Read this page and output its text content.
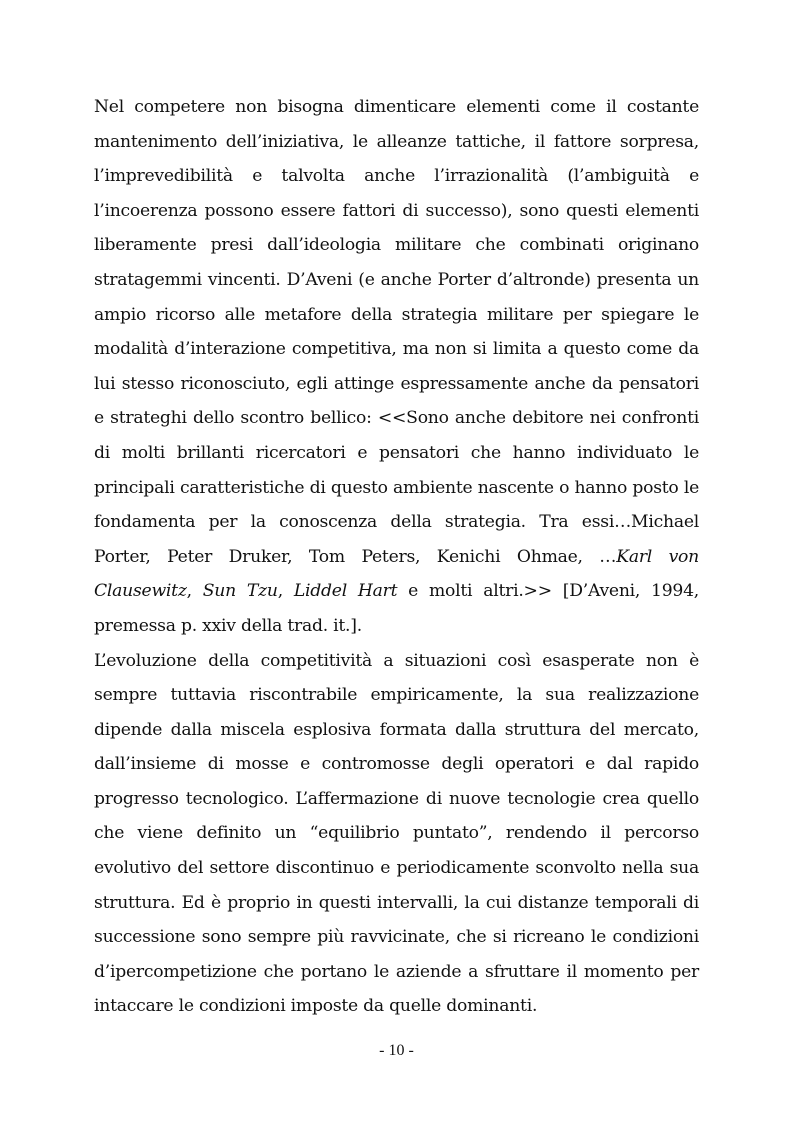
Nel competere non bisogna dimenticare elementi come il costante mantenimento dell’iniziativa, le alleanze tattiche, il fattore sorpresa, l’imprevedibilità e talvolta anche l’irrazionalità (l’ambiguità e l’incoerenza possono essere fattori di successo), sono questi elementi liberamente presi dall’ideologia militare che combinati originano stratagemmi vincenti. D’Aveni (e anche Porter d’altronde) presenta un ampio ricorso alle metafore della strategia militare per spiegare le modalità d’interazione competitiva, ma non si limita a questo come da lui stesso riconosciuto, egli attinge espressamente anche da pensatori e strateghi dello scontro bellico: <<Sono anche debitore nei confronti di molti brillanti ricercatori e pensatori che hanno individuato le principali caratteristiche di questo ambiente nascente o hanno posto le fondamenta per la conoscenza della strategia. Tra essi…Michael Porter, Peter Druker, Tom Peters, Kenichi Ohmae, …Karl von Clausewitz, Sun Tzu, Liddel Hart e molti altri.>> [D’Aveni, 1994, premessa p. xxiv della trad. it.].

L’evoluzione della competitività a situazioni così esasperate non è sempre tuttavia riscontrabile empiricamente, la sua realizzazione dipende dalla miscela esplosiva formata dalla struttura del mercato, dall’insieme di mosse e contromosse degli operatori e dal rapido progresso tecnologico. L’affermazione di nuove tecnologie crea quello che viene definito un “equilibrio puntato”, rendendo il percorso evolutivo del settore discontinuo e periodicamente sconvolto nella sua struttura. Ed è proprio in questi intervalli, la cui distanze temporali di successione sono sempre più ravvicinate, che si ricreano le condizioni d’ipercompetizione che portano le aziende a sfruttare il momento per intaccare le condizioni imposte da quelle dominanti.

- 10 -
